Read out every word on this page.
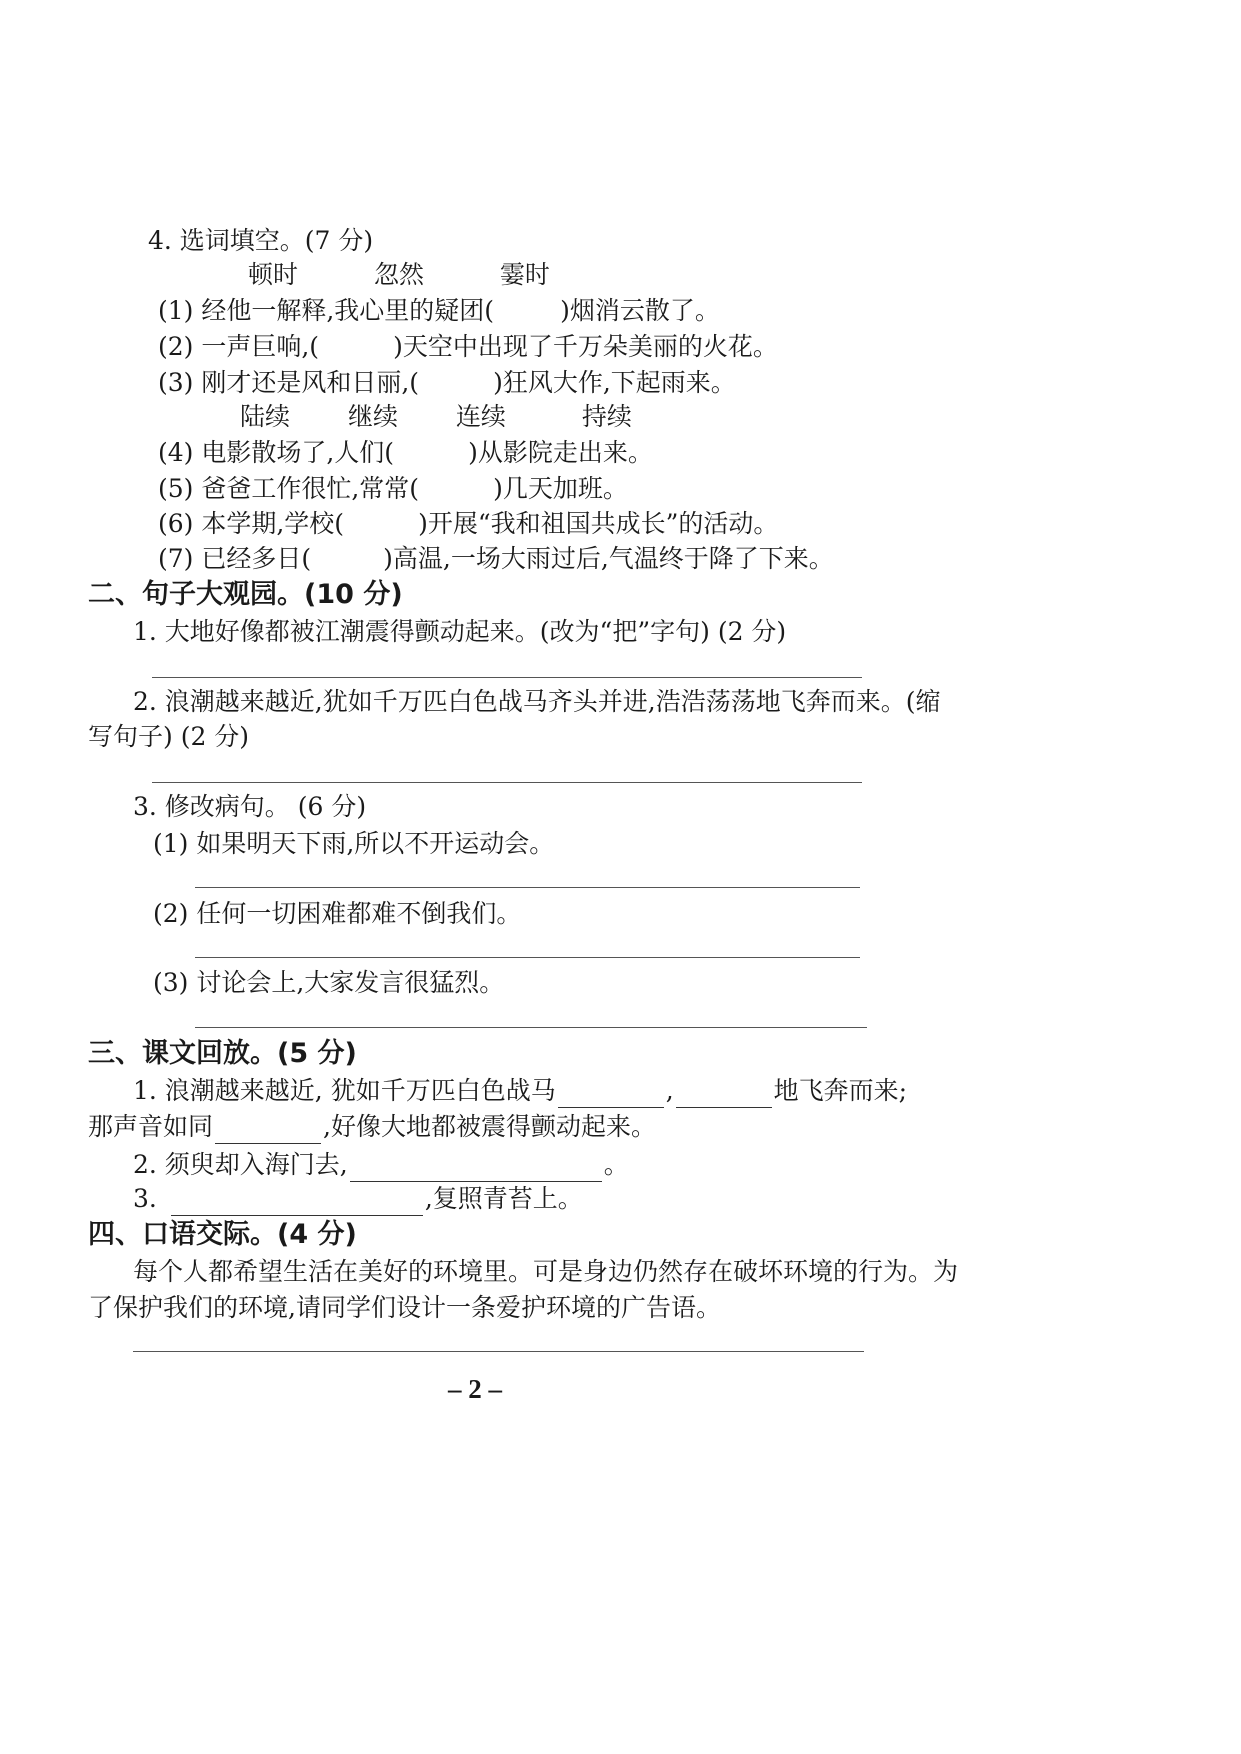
4. 选词填空。(7 分)
顿时	忽然	霎时
(1) 经他一解释,我心里的疑团(	)烟消云散了。
(2) 一声巨响,(	)天空中出现了千万朵美丽的火花。
(3) 刚才还是风和日丽,(	)狂风大作,下起雨来。
陆续 继续 连续	持续
(4) 电影散场了,人们(	)从影院走出来。
(5) 爸爸工作很忙,常常(	)几天加班。
(6) 本学期,学校(	)开展“我和祖国共成长”的活动。
(7) 已经多日(	)高温,一场大雨过后,气温终于降了下来。
二、句子大观园。(10 分)
1. 大地好像都被江潮震得颤动起来。(改为“把”字句) (2 分)
2. 浪潮越来越近,犹如千万匹白色战马齐头并进,浩浩荡荡地飞奔而来。(缩
写句子) (2 分)
3. 修改病句。 (6 分)
(1) 如果明天下雨,所以不开运动会。
(2) 任何一切困难都难不倒我们。
(3) 讨论会上,大家发言很猛烈。
三、课文回放。(5 分)
1. 浪潮越来越近, 犹如千万匹白色战马	,	地飞奔而来;
那声音如同	,好像大地都被震得颤动起来。
2. 须臾却入海门去,	。
3.	,复照青苔上。
四、口语交际。(4 分)
每个人都希望生活在美好的环境里。可是身边仍然存在破坏环境的行为。为
了保护我们的环境,请同学们设计一条爱护环境的广告语。
– 2 –
